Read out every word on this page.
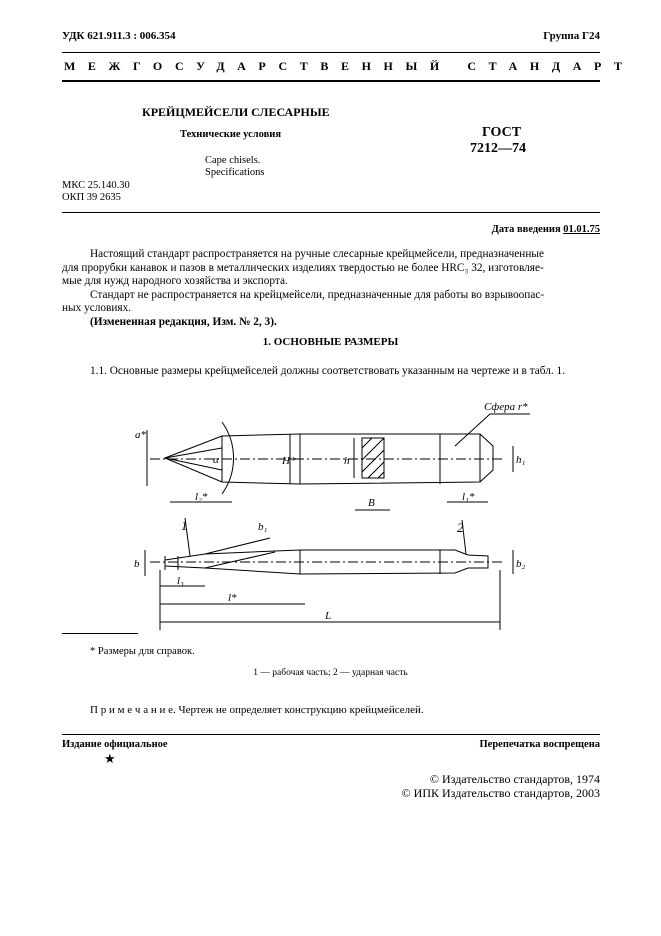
УДК 621.911.3 : 006.354	Группа Г24
МЕЖГОСУДАРСТВЕННЫЙ СТАНДАРТ
КРЕЙЦМЕЙСЕЛИ СЛЕСАРНЫЕ
Технические условия
Cape chisels.
Specifications
ГОСТ
7212—74
МКС 25.140.30
ОКП 39 2635
Дата введения 01.01.75
Настоящий стандарт распространяется на ручные слесарные крейцмейсели, предназначенные
для прорубки канавок и пазов в металлических изделиях твердостью не более HRC₃ 32, изготовляе-
мые для нужд народного хозяйства и экспорта.
Стандарт не распространяется на крейцмейсели, предназначенные для работы во взрывоопас-
ных условиях.
(Измененная редакция, Изм. № 2, 3).
1. ОСНОВНЫЕ РАЗМЕРЫ
1.1. Основные размеры крейцмейселей должны соответствовать указанным на чертеже и в табл. 1.
α
a*
Сфера r*
H*	h	h₁
l₂*	B	l₁*
1	2
b
b₁
b₂
l₃
l*
L
* Размеры для справок.
1 — рабочая часть; 2 — ударная часть
П р и м е ч а н и е. Чертеж не определяет конструкцию крейцмейселей.
Издание официальное	Перепечатка воспрещена
★
© Издательство стандартов, 1974
© ИПК Издательство стандартов, 2003
